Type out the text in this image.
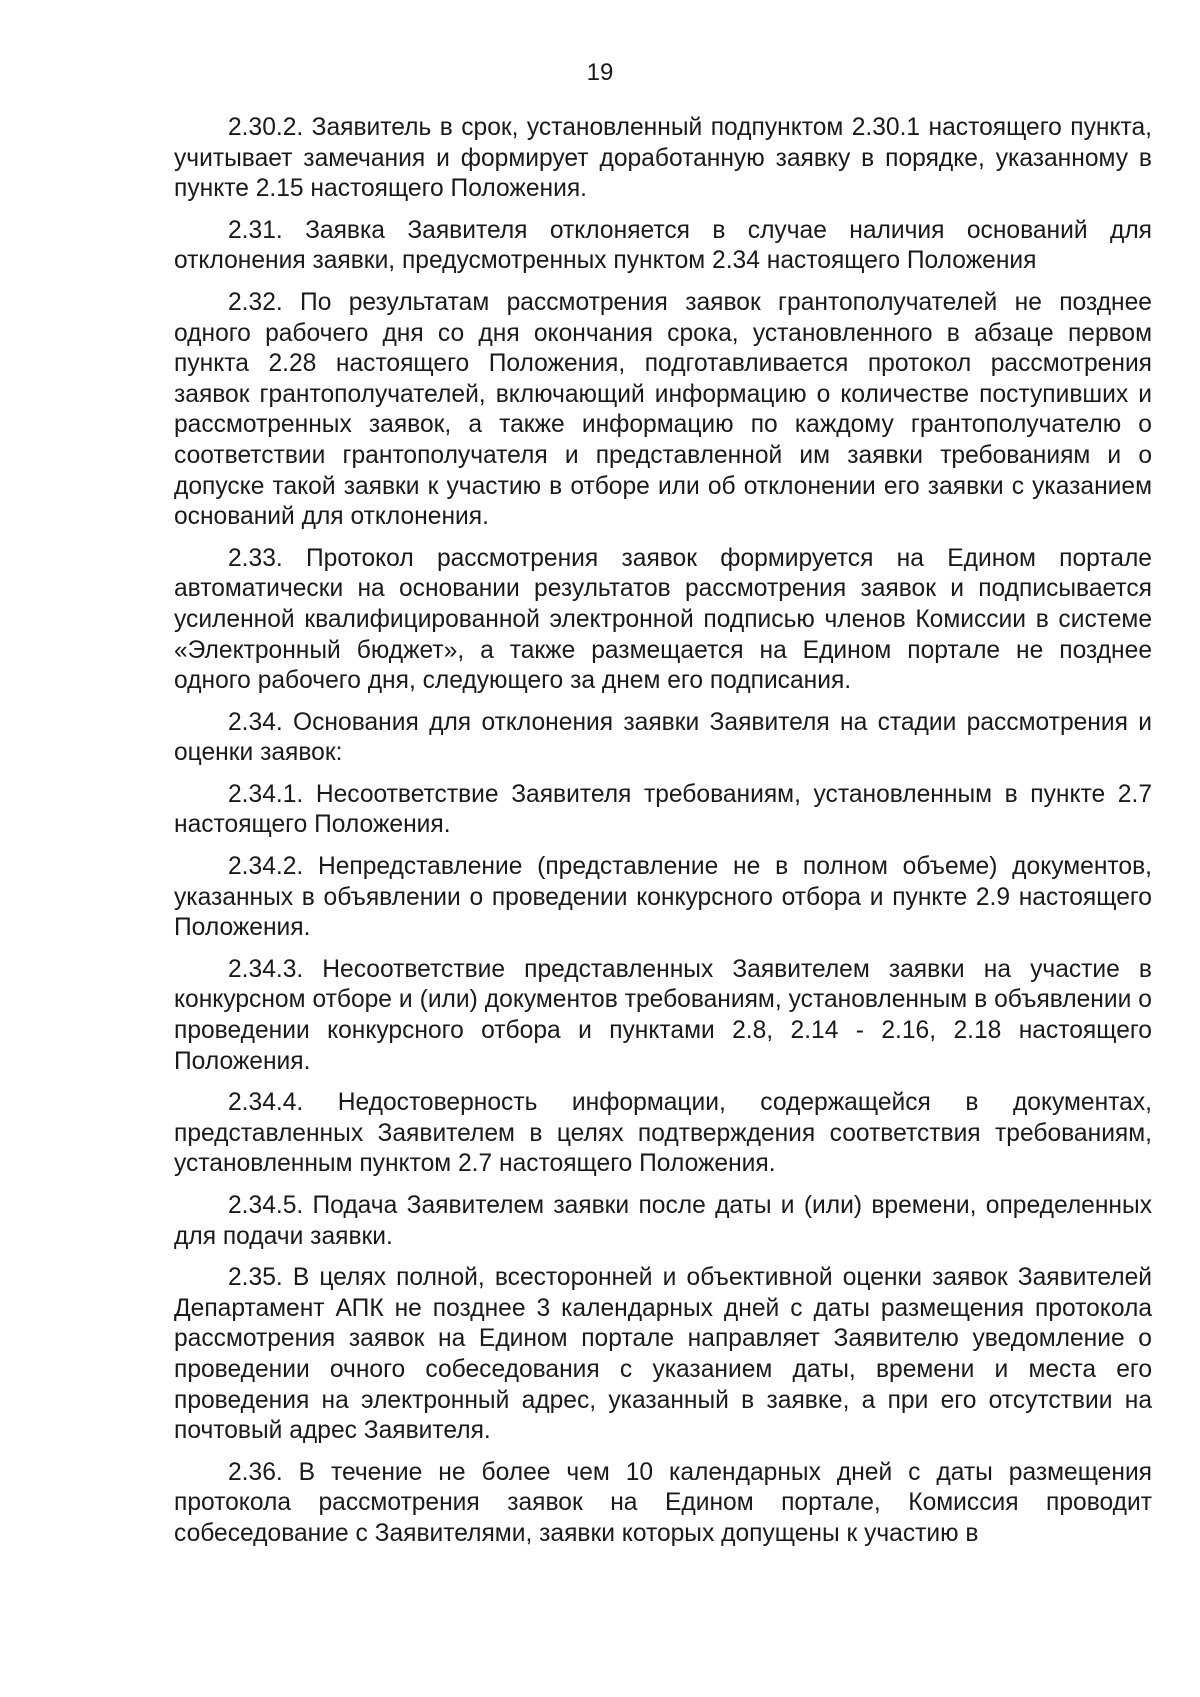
19

2.30.2. Заявитель в срок, установленный подпунктом 2.30.1 настоящего пункта, учитывает замечания и формирует доработанную заявку в порядке, указанному в пункте 2.15 настоящего Положения.

2.31. Заявка Заявителя отклоняется в случае наличия оснований для отклонения заявки, предусмотренных пунктом 2.34 настоящего Положения

2.32. По результатам рассмотрения заявок грантополучателей не позднее одного рабочего дня со дня окончания срока, установленного в абзаце первом пункта 2.28 настоящего Положения, подготавливается протокол рассмотрения заявок грантополучателей, включающий информацию о количестве поступивших и рассмотренных заявок, а также информацию по каждому грантополучателю о соответствии грантополучателя и представленной им заявки требованиям и о допуске такой заявки к участию в отборе или об отклонении его заявки с указанием оснований для отклонения.

2.33. Протокол рассмотрения заявок формируется на Едином портале автоматически на основании результатов рассмотрения заявок и подписывается усиленной квалифицированной электронной подписью членов Комиссии в системе «Электронный бюджет», а также размещается на Едином портале не позднее одного рабочего дня, следующего за днем его подписания.

2.34. Основания для отклонения заявки Заявителя на стадии рассмотрения и оценки заявок:

2.34.1. Несоответствие Заявителя требованиям, установленным в пункте 2.7 настоящего Положения.

2.34.2. Непредставление (представление не в полном объеме) документов, указанных в объявлении о проведении конкурсного отбора и пункте 2.9 настоящего Положения.

2.34.3. Несоответствие представленных Заявителем заявки на участие в конкурсном отборе и (или) документов требованиям, установленным в объявлении о проведении конкурсного отбора и пунктами 2.8, 2.14 - 2.16, 2.18 настоящего Положения.

2.34.4. Недостоверность информации, содержащейся в документах, представленных Заявителем в целях подтверждения соответствия требованиям, установленным пунктом 2.7 настоящего Положения.

2.34.5. Подача Заявителем заявки после даты и (или) времени, определенных для подачи заявки.

2.35. В целях полной, всесторонней и объективной оценки заявок Заявителей Департамент АПК не позднее 3 календарных дней с даты размещения протокола рассмотрения заявок на Едином портале направляет Заявителю уведомление о проведении очного собеседования с указанием даты, времени и места его проведения на электронный адрес, указанный в заявке, а при его отсутствии на почтовый адрес Заявителя.

2.36. В течение не более чем 10 календарных дней с даты размещения протокола рассмотрения заявок на Едином портале, Комиссия проводит собеседование с Заявителями, заявки которых допущены к участию в
